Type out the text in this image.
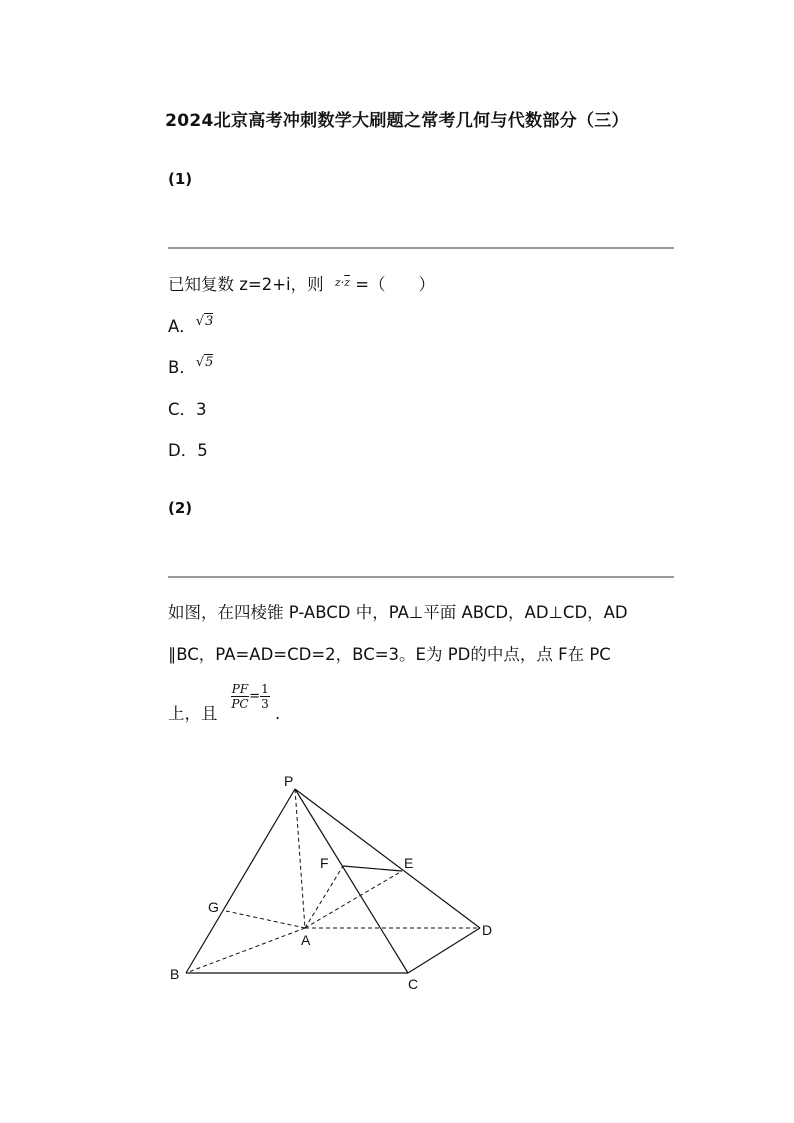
2024北京高考冲刺数学大刷题之常考几何与代数部分（三）
(1)
已知复数 z=2+i，则 $^{z\cdot\overline{z}}$ =（　　）
A．$^{√3}$
B．$^{√5}$
C．3
D．5
(2)
如图，在四棱锥 P-ABCD 中，PA⊥平面 ABCD，AD⊥CD，AD
∥BC，PA=AD=CD=2，BC=3。E为 PD的中点，点 F在 PC
上，且
$\frac{PF}{PC} = \frac{1}{3}$
.
P
A
B
C
D
E
F
G
